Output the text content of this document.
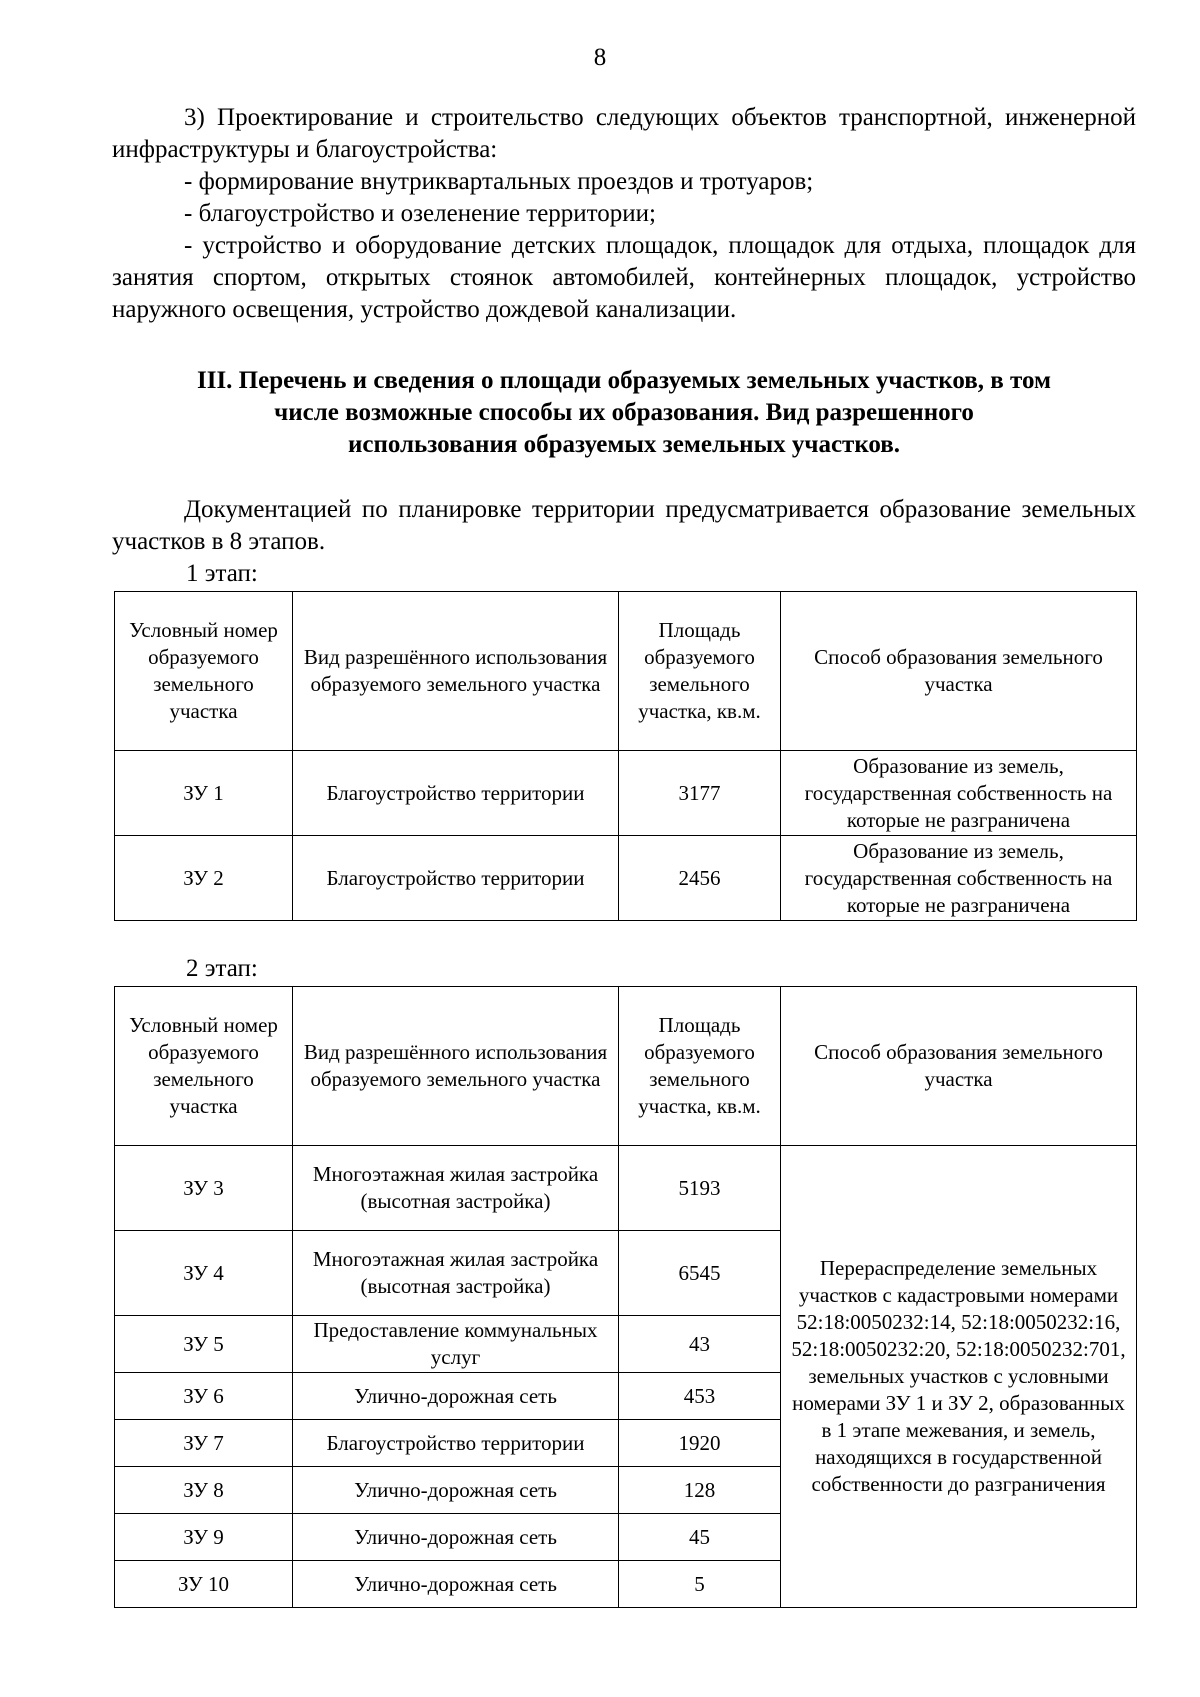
8

3) Проектирование и строительство следующих объектов транспортной, инженерной инфраструктуры и благоустройства:

- формирование внутриквартальных проездов и тротуаров;

- благоустройство и озеленение территории;

- устройство и оборудование детских площадок, площадок для отдыха, площадок для занятия спортом, открытых стоянок автомобилей, контейнерных площадок, устройство наружного освещения, устройство дождевой канализации.

III. Перечень и сведения о площади образуемых земельных участков, в том
числе возможные способы их образования. Вид разрешенного
использования образуемых земельных участков.

Документацией по планировке территории предусматривается образование земельных участков в 8 этапов.

1 этап:
Условный номер образуемого земельного участка	Вид разрешённого использования образуемого земельного участка	Площадь образуемого земельного участка, кв.м.	Способ образования земельного участка
ЗУ 1	Благоустройство территории	3177	Образование из земель, государственная собственность на которые не разграничена
ЗУ 2	Благоустройство территории	2456	Образование из земель, государственная собственность на которые не разграничена
2 этап:
Условный номер образуемого земельного участка	Вид разрешённого использования образуемого земельного участка	Площадь образуемого земельного участка, кв.м.	Способ образования земельного участка
ЗУ 3	Многоэтажная жилая застройка (высотная застройка)	5193	Перераспределение земельных участков с кадастровыми номерами 52:18:0050232:14, 52:18:0050232:16, 52:18:0050232:20, 52:18:0050232:701, земельных участков с условными номерами ЗУ 1 и ЗУ 2, образованных в 1 этапе межевания, и земель, находящихся в государственной собственности до разграничения
ЗУ 4	Многоэтажная жилая застройка (высотная застройка)	6545	
ЗУ 5	Предоставление коммунальных услуг	43	
ЗУ 6	Улично-дорожная сеть	453	
ЗУ 7	Благоустройство территории	1920	
ЗУ 8	Улично-дорожная сеть	128	
ЗУ 9	Улично-дорожная сеть	45	
ЗУ 10	Улично-дорожная сеть	5	
